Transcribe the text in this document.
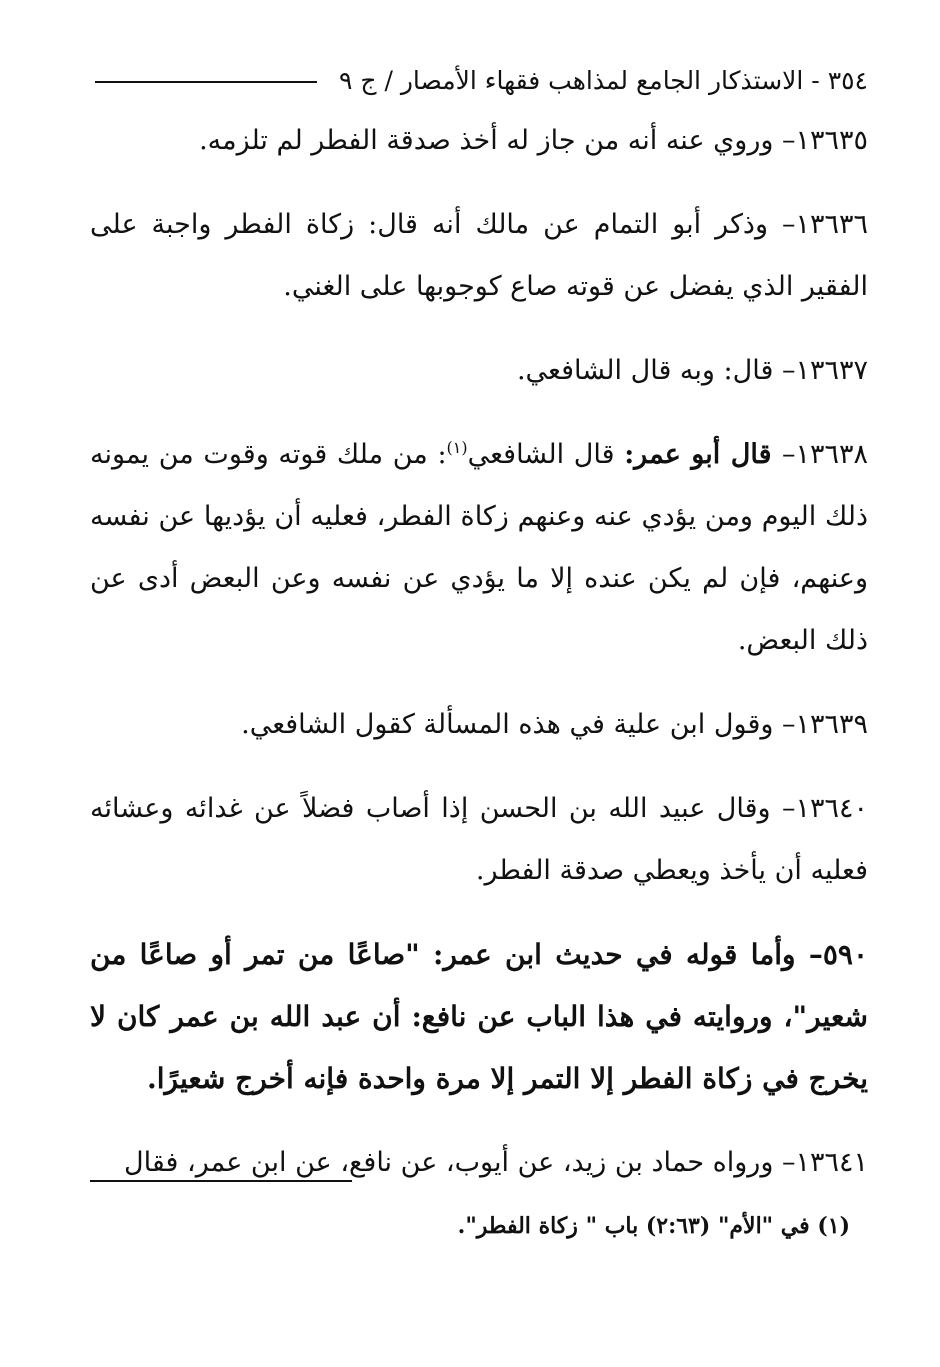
٣٥٤ - الاستذكار الجامع لمذاهب فقهاء الأمصار / ج ٩

١٣٦٣٥– وروي عنه أنه من جاز له أخذ صدقة الفطر لم تلزمه.

١٣٦٣٦– وذكر أبو التمام عن مالك أنه قال: زكاة الفطر واجبة على الفقير الذي يفضل عن قوته صاع كوجوبها على الغني.

١٣٦٣٧– قال: وبه قال الشافعي.

١٣٦٣٨– قال أبو عمر: قال الشافعي$^{(١)}$: من ملك قوته وقوت من يمونه ذلك اليوم ومن يؤدي عنه وعنهم زكاة الفطر، فعليه أن يؤديها عن نفسه وعنهم، فإن لم يكن عنده إلا ما يؤدي عن نفسه وعن البعض أدى عن ذلك البعض.

١٣٦٣٩– وقول ابن علية في هذه المسألة كقول الشافعي.

١٣٦٤٠– وقال عبيد الله بن الحسن إذا أصاب فضلاً عن غدائه وعشائه فعليه أن يأخذ ويعطي صدقة الفطر.

٥٩٠– وأما قوله في حديث ابن عمر: "صاعًا من تمر أو صاعًا من شعير"، وروايته في هذا الباب عن نافع: أن عبد الله بن عمر كان لا يخرج في زكاة الفطر إلا التمر إلا مرة واحدة فإنه أخرج شعيرًا.

١٣٦٤١– ورواه حماد بن زيد، عن أيوب، عن نافع، عن ابن عمر، فقال

(١) في "الأم" (٢:٦٣) باب " زكاة الفطر".
